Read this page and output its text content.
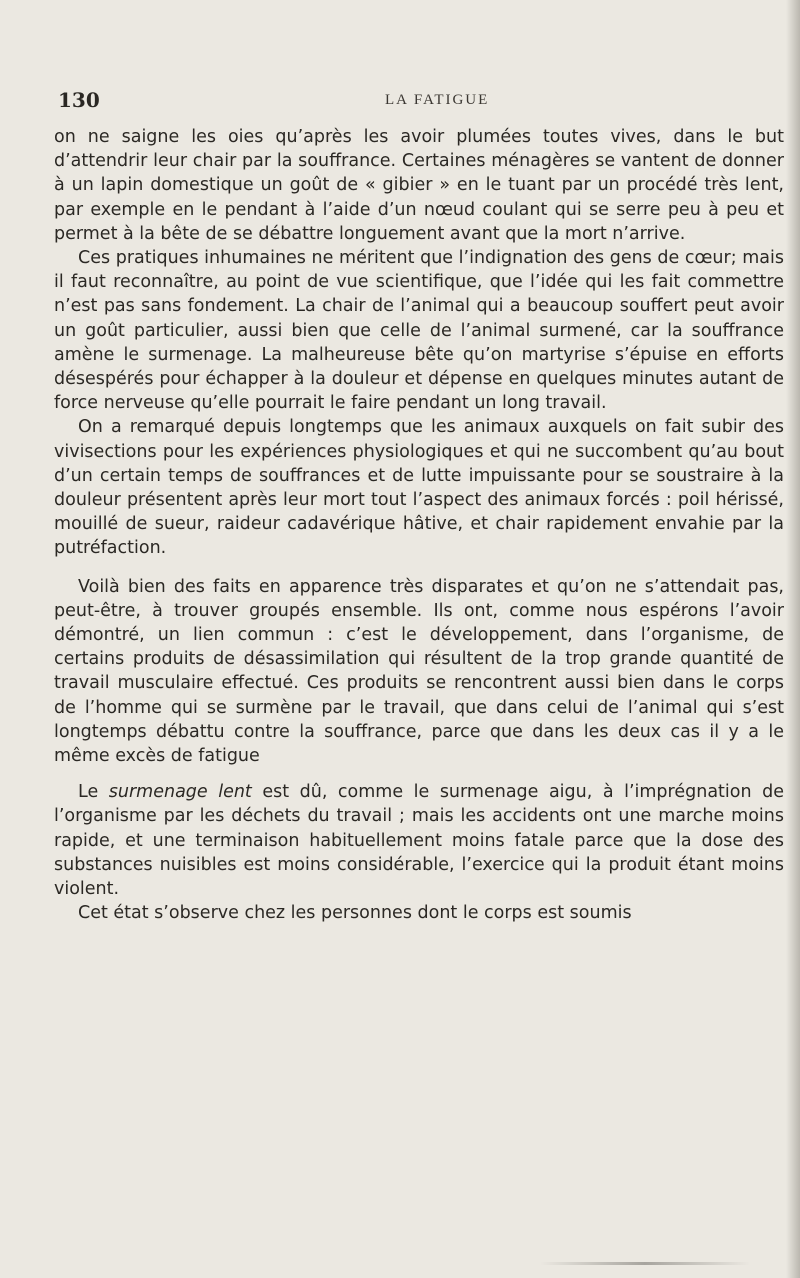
130	LA FATIGUE

on ne saigne les oies qu’après les avoir plumées toutes vives, dans le but d’attendrir leur chair par la souffrance. Certaines ménagères se vantent de donner à un lapin domestique un goût de « gibier » en le tuant par un procédé très lent, par exemple en le pendant à l’aide d’un nœud coulant qui se serre peu à peu et permet à la bête de se débattre longuement avant que la mort n’arrive.

Ces pratiques inhumaines ne méritent que l’indignation des gens de cœur; mais il faut reconnaître, au point de vue scientifique, que l’idée qui les fait commettre n’est pas sans fondement. La chair de l’animal qui a beaucoup souffert peut avoir un goût particulier, aussi bien que celle de l’animal surmené, car la souffrance amène le surmenage. La malheureuse bête qu’on martyrise s’épuise en efforts désespérés pour échapper à la douleur et dépense en quelques minutes autant de force nerveuse qu’elle pourrait le faire pendant un long travail.

On a remarqué depuis longtemps que les animaux auxquels on fait subir des vivisections pour les expériences physiologiques et qui ne succombent qu’au bout d’un certain temps de souffrances et de lutte impuissante pour se soustraire à la douleur présentent après leur mort tout l’aspect des animaux forcés : poil hérissé, mouillé de sueur, raideur cadavérique hâtive, et chair rapidement envahie par la putréfaction.

Voilà bien des faits en apparence très disparates et qu’on ne s’attendait pas, peut-être, à trouver groupés ensemble. Ils ont, comme nous espérons l’avoir démontré, un lien commun : c’est le développement, dans l’organisme, de certains produits de désassimilation qui résultent de la trop grande quantité de travail musculaire effectué. Ces produits se rencontrent aussi bien dans le corps de l’homme qui se surmène par le travail, que dans celui de l’animal qui s’est longtemps débattu contre la souffrance, parce que dans les deux cas il y a le même excès de fatigue

Le surmenage lent est dû, comme le surmenage aigu, à l’imprégnation de l’organisme par les déchets du travail ; mais les accidents ont une marche moins rapide, et une terminaison habituellement moins fatale parce que la dose des substances nuisibles est moins considérable, l’exercice qui la produit étant moins violent.

Cet état s’observe chez les personnes dont le corps est soumis
